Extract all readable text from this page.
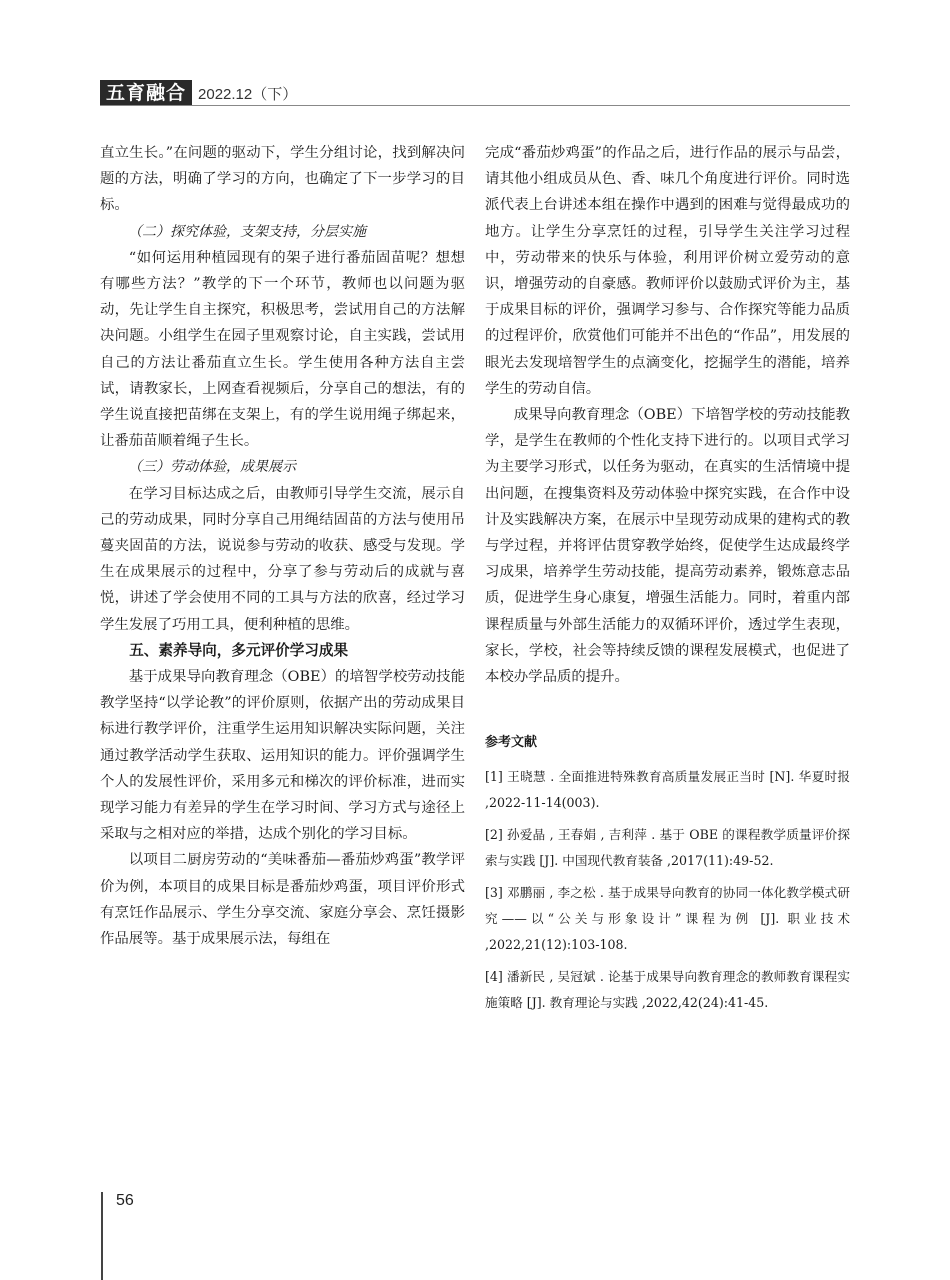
五育融合 2022.12（下）

直立生长。”在问题的驱动下，学生分组讨论，找到解决问题的方法，明确了学习的方向，也确定了下一步学习的目标。

（二）探究体验，支架支持，分层实施

“如何运用种植园现有的架子进行番茄固苗呢？想想有哪些方法？”教学的下一个环节，教师也以问题为驱动，先让学生自主探究，积极思考，尝试用自己的方法解决问题。小组学生在园子里观察讨论，自主实践，尝试用自己的方法让番茄直立生长。学生使用各种方法自主尝试，请教家长，上网查看视频后，分享自己的想法，有的学生说直接把苗绑在支架上，有的学生说用绳子绑起来，让番茄苗顺着绳子生长。

（三）劳动体验，成果展示

在学习目标达成之后，由教师引导学生交流，展示自己的劳动成果，同时分享自己用绳结固苗的方法与使用吊蔓夹固苗的方法，说说参与劳动的收获、感受与发现。学生在成果展示的过程中，分享了参与劳动后的成就与喜悦，讲述了学会使用不同的工具与方法的欣喜，经过学习学生发展了巧用工具，便利种植的思维。

五、素养导向，多元评价学习成果

基于成果导向教育理念（OBE）的培智学校劳动技能教学坚持“以学论教”的评价原则，依据产出的劳动成果目标进行教学评价，注重学生运用知识解决实际问题，关注通过教学活动学生获取、运用知识的能力。评价强调学生个人的发展性评价，采用多元和梯次的评价标准，进而实现学习能力有差异的学生在学习时间、学习方式与途径上采取与之相对应的举措，达成个别化的学习目标。

以项目二厨房劳动的“美味番茄—番茄炒鸡蛋”教学评价为例，本项目的成果目标是番茄炒鸡蛋，项目评价形式有烹饪作品展示、学生分享交流、家庭分享会、烹饪摄影作品展等。基于成果展示法，每组在

完成“番茄炒鸡蛋”的作品之后，进行作品的展示与品尝，请其他小组成员从色、香、味几个角度进行评价。同时选派代表上台讲述本组在操作中遇到的困难与觉得最成功的地方。让学生分享烹饪的过程，引导学生关注学习过程中，劳动带来的快乐与体验，利用评价树立爱劳动的意识，增强劳动的自豪感。教师评价以鼓励式评价为主，基于成果目标的评价，强调学习参与、合作探究等能力品质的过程评价，欣赏他们可能并不出色的“作品”，用发展的眼光去发现培智学生的点滴变化，挖掘学生的潜能，培养学生的劳动自信。

成果导向教育理念（OBE）下培智学校的劳动技能教学，是学生在教师的个性化支持下进行的。以项目式学习为主要学习形式，以任务为驱动，在真实的生活情境中提出问题，在搜集资料及劳动体验中探究实践，在合作中设计及实践解决方案，在展示中呈现劳动成果的建构式的教与学过程，并将评估贯穿教学始终，促使学生达成最终学习成果，培养学生劳动技能，提高劳动素养，锻炼意志品质，促进学生身心康复，增强生活能力。同时，着重内部课程质量与外部生活能力的双循环评价，透过学生表现，家长，学校，社会等持续反馈的课程发展模式，也促进了本校办学品质的提升。

参考文献

[1] 王晓慧 . 全面推进特殊教育高质量发展正当时 [N]. 华夏时报 ,2022-11-14(003).

[2] 孙爱晶 , 王春娟 , 吉利萍 . 基于 OBE 的课程教学质量评价探索与实践 [J]. 中国现代教育装备 ,2017(11):49-52.

[3] 邓鹏丽 , 李之松 . 基于成果导向教育的协同一体化教学模式研究——以“公关与形象设计”课程为例 [J]. 职业技术 ,2022,21(12):103-108.

[4] 潘新民 , 吴冠斌 . 论基于成果导向教育理念的教师教育课程实施策略 [J]. 教育理论与实践 ,2022,42(24):41-45.

56
